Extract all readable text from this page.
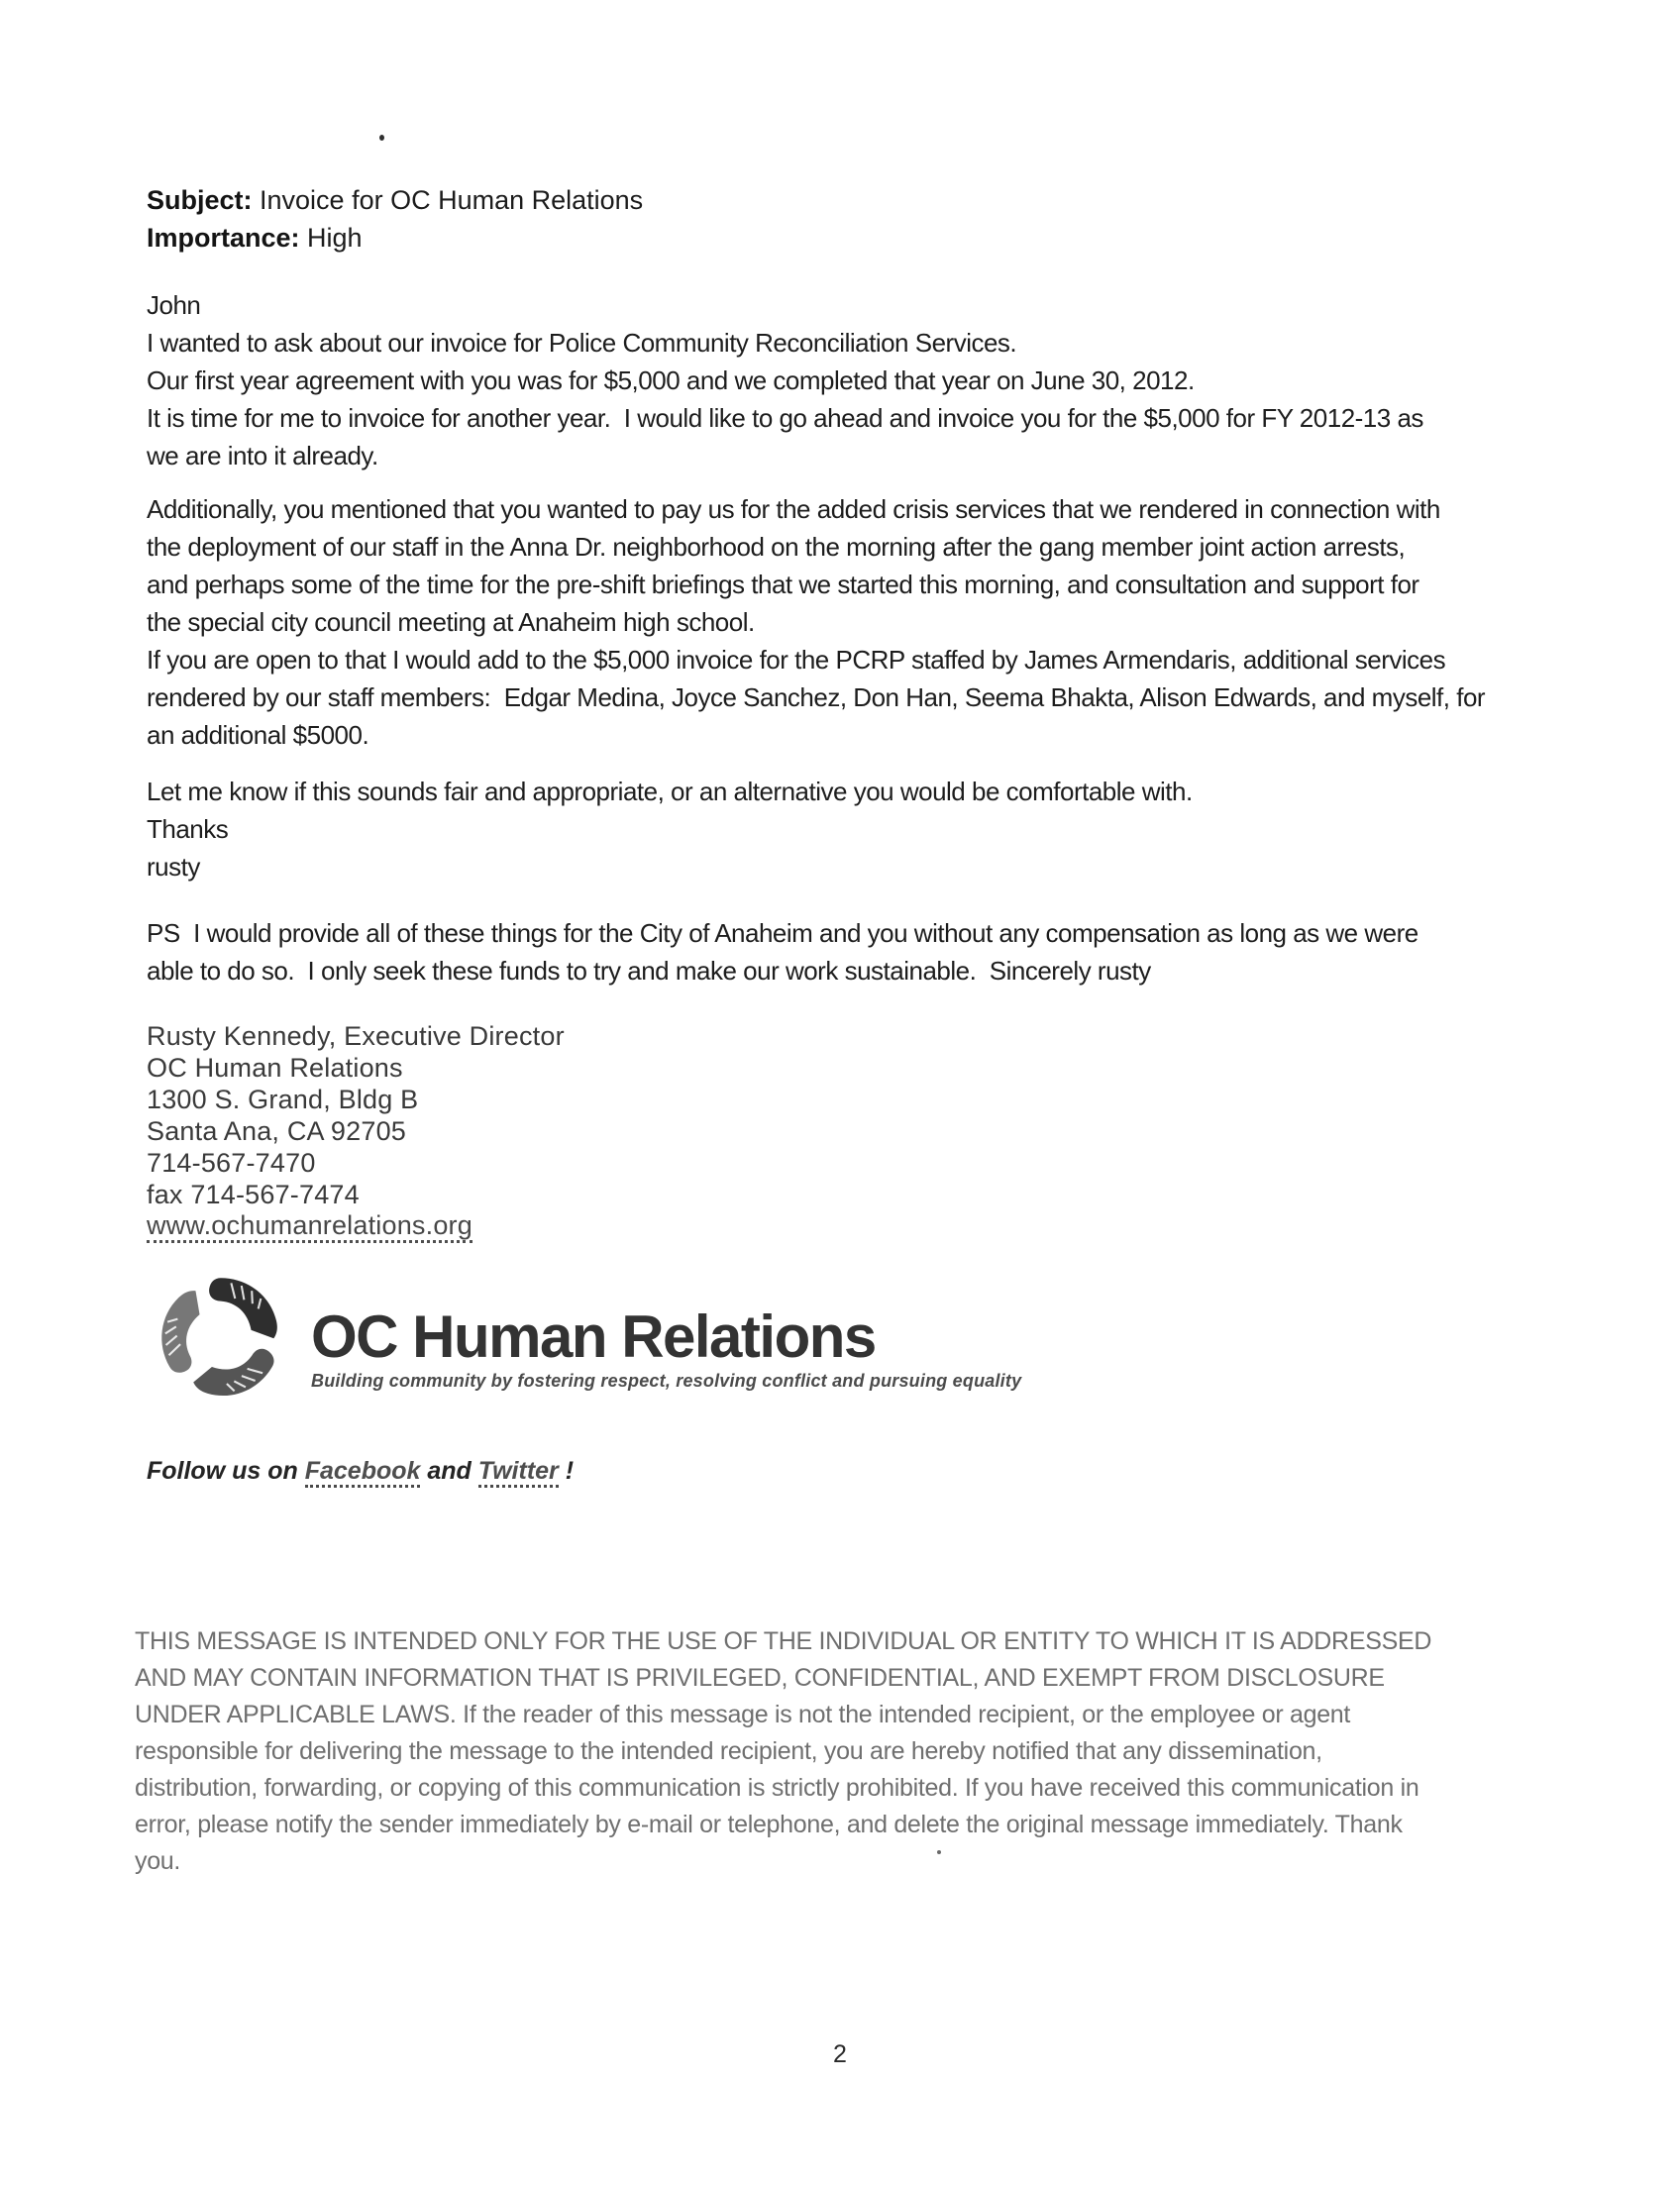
Subject: Invoice for OC Human Relations
Importance: High
John
I wanted to ask about our invoice for Police Community Reconciliation Services.
Our first year agreement with you was for $5,000 and we completed that year on June 30, 2012.
It is time for me to invoice for another year.  I would like to go ahead and invoice you for the $5,000 for FY 2012-13 as
we are into it already.
Additionally, you mentioned that you wanted to pay us for the added crisis services that we rendered in connection with
the deployment of our staff in the Anna Dr. neighborhood on the morning after the gang member joint action arrests,
and perhaps some of the time for the pre-shift briefings that we started this morning, and consultation and support for
the special city council meeting at Anaheim high school.
If you are open to that I would add to the $5,000 invoice for the PCRP staffed by James Armendaris, additional services
rendered by our staff members:  Edgar Medina, Joyce Sanchez, Don Han, Seema Bhakta, Alison Edwards, and myself, for
an additional $5000.
Let me know if this sounds fair and appropriate, or an alternative you would be comfortable with.
Thanks
rusty
PS  I would provide all of these things for the City of Anaheim and you without any compensation as long as we were
able to do so.  I only seek these funds to try and make our work sustainable.  Sincerely rusty
Rusty Kennedy, Executive Director
OC Human Relations
1300 S. Grand, Bldg B
Santa Ana, CA 92705
714-567-7470
fax 714-567-7474
www.ochumanrelations.org
OC Human Relations
Building community by fostering respect, resolving conflict and pursuing equality
Follow us on Facebook and Twitter !
THIS MESSAGE IS INTENDED ONLY FOR THE USE OF THE INDIVIDUAL OR ENTITY TO WHICH IT IS ADDRESSED
AND MAY CONTAIN INFORMATION THAT IS PRIVILEGED, CONFIDENTIAL, AND EXEMPT FROM DISCLOSURE
UNDER APPLICABLE LAWS. If the reader of this message is not the intended recipient, or the employee or agent
responsible for delivering the message to the intended recipient, you are hereby notified that any dissemination,
distribution, forwarding, or copying of this communication is strictly prohibited. If you have received this communication in
error, please notify the sender immediately by e-mail or telephone, and delete the original message immediately. Thank
you.
2
